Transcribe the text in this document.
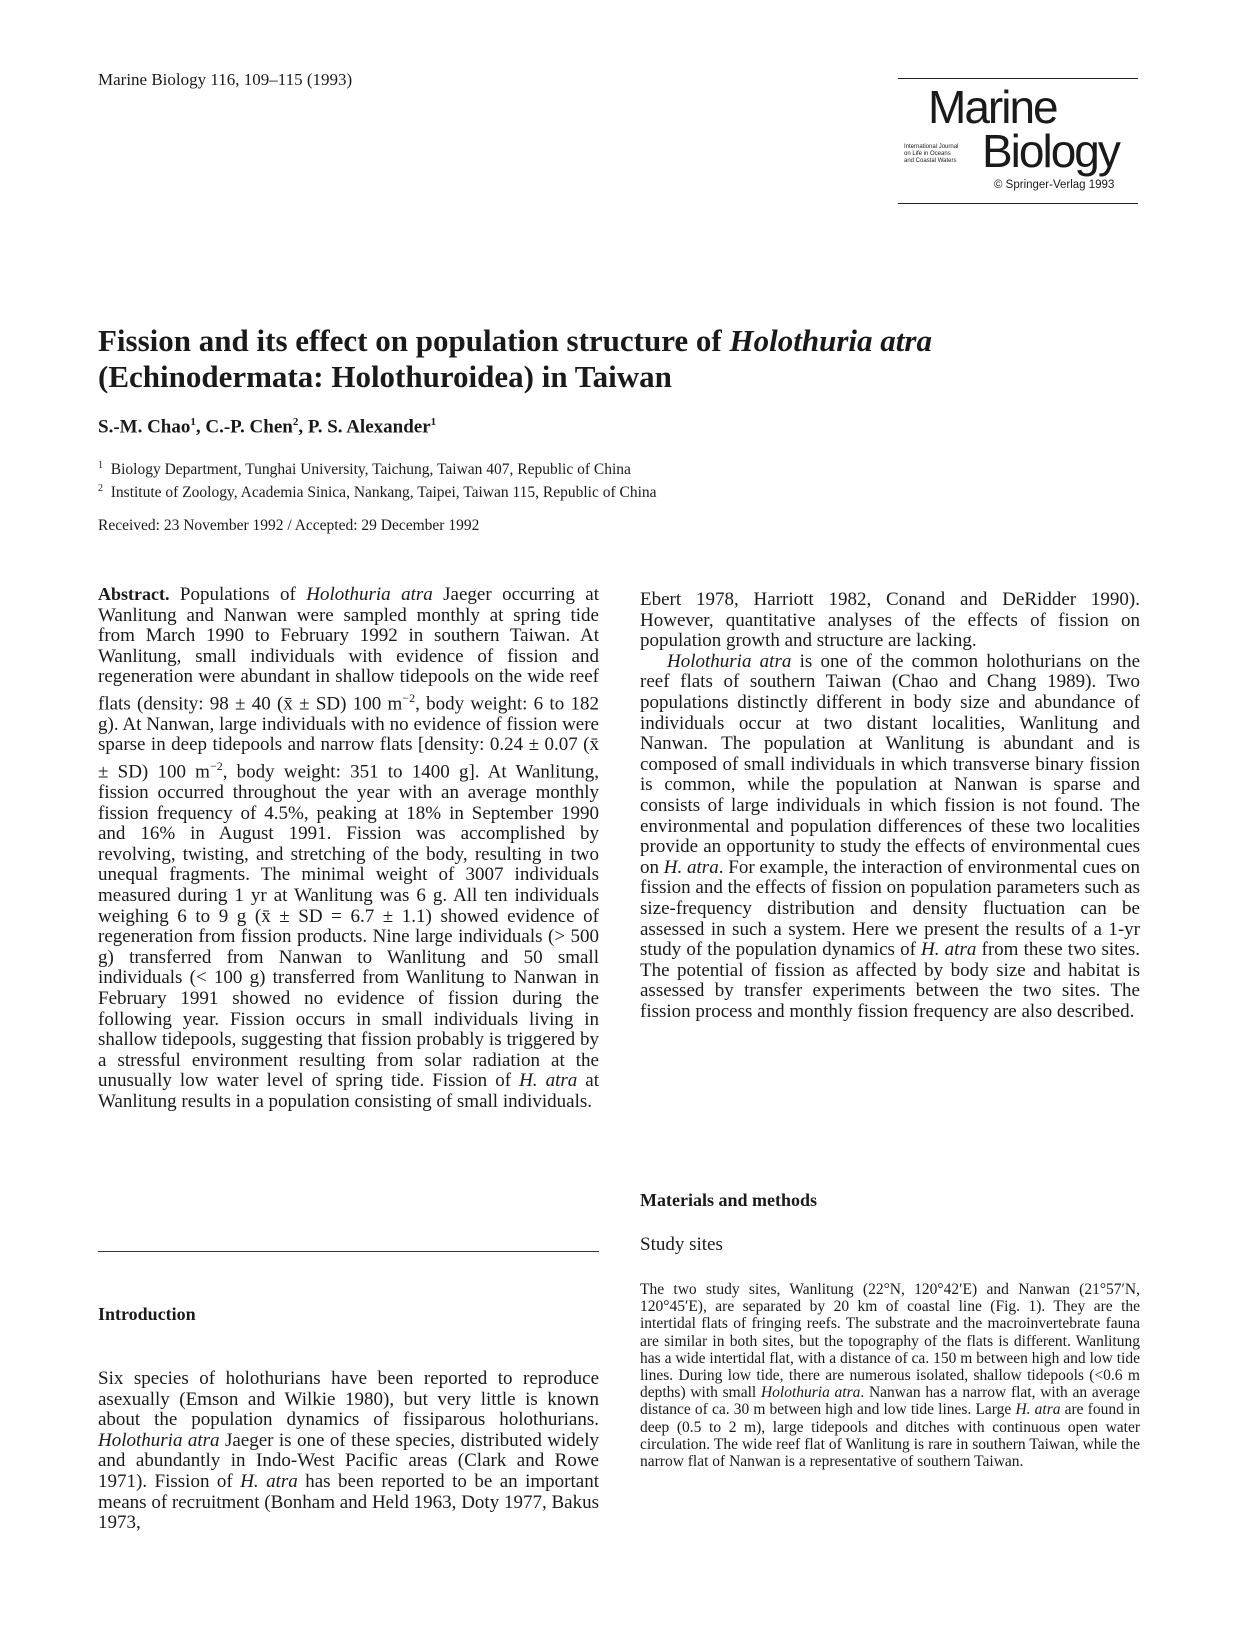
Marine Biology 116, 109–115 (1993)
Marine
International Journal
on Life in Oceans
and Coastal Waters Biology
© Springer-Verlag 1993
Fission and its effect on population structure of Holothuria atra
(Echinodermata: Holothuroidea) in Taiwan
S.-M. Chao$^1$, C.-P. Chen$^2$, P. S. Alexander$^1$
$^1$ Biology Department, Tunghai University, Taichung, Taiwan 407, Republic of China
$^2$ Institute of Zoology, Academia Sinica, Nankang, Taipei, Taiwan 115, Republic of China
Received: 23 November 1992 / Accepted: 29 December 1992

Abstract. Populations of Holothuria atra Jaeger occurring at Wanlitung and Nanwan were sampled monthly at spring tide from March 1990 to February 1992 in southern Taiwan. At Wanlitung, small individuals with evidence of fission and regeneration were abundant in shallow tidepools on the wide reef flats (density: 98 ± 40 (x̄ ± SD) 100 $m^{-2}$, body weight: 6 to 182 g). At Nanwan, large individuals with no evidence of fission were sparse in deep tidepools and narrow flats [density: 0.24 ± 0.07 (x̄ ± SD) 100 $m^{-2}$, body weight: 351 to 1400 g]. At Wanlitung, fission occurred throughout the year with an average monthly fission frequency of 4.5%, peaking at 18% in September 1990 and 16% in August 1991. Fission was accomplished by revolving, twisting, and stretching of the body, resulting in two unequal fragments. The minimal weight of 3007 individuals measured during 1 yr at Wanlitung was 6 g. All ten individuals weighing 6 to 9 g (x̄ ± SD = 6.7 ± 1.1) showed evidence of regeneration from fission products. Nine large individuals (> 500 g) transferred from Nanwan to Wanlitung and 50 small individuals (< 100 g) transferred from Wanlitung to Nanwan in February 1991 showed no evidence of fission during the following year. Fission occurs in small individuals living in shallow tidepools, suggesting that fission probably is triggered by a stressful environment resulting from solar radiation at the unusually low water level of spring tide. Fission of H. atra at Wanlitung results in a population consisting of small individuals.

Introduction

Six species of holothurians have been reported to reproduce asexually (Emson and Wilkie 1980), but very little is known about the population dynamics of fissiparous holothurians. Holothuria atra Jaeger is one of these species, distributed widely and abundantly in Indo-West Pacific areas (Clark and Rowe 1971). Fission of H. atra has been reported to be an important means of recruitment (Bonham and Held 1963, Doty 1977, Bakus 1973,

Ebert 1978, Harriott 1982, Conand and DeRidder 1990). However, quantitative analyses of the effects of fission on population growth and structure are lacking.

Holothuria atra is one of the common holothurians on the reef flats of southern Taiwan (Chao and Chang 1989). Two populations distinctly different in body size and abundance of individuals occur at two distant localities, Wanlitung and Nanwan. The population at Wanlitung is abundant and is composed of small individuals in which transverse binary fission is common, while the population at Nanwan is sparse and consists of large individuals in which fission is not found. The environmental and population differences of these two localities provide an opportunity to study the effects of environmental cues on H. atra. For example, the interaction of environmental cues on fission and the effects of fission on population parameters such as size-frequency distribution and density fluctuation can be assessed in such a system. Here we present the results of a 1-yr study of the population dynamics of H. atra from these two sites. The potential of fission as affected by body size and habitat is assessed by transfer experiments between the two sites. The fission process and monthly fission frequency are also described.

Materials and methods
Study sites
The two study sites, Wanlitung (22°N, 120°42′E) and Nanwan (21°57′N, 120°45′E), are separated by 20 km of coastal line (Fig. 1). They are the intertidal flats of fringing reefs. The substrate and the macroinvertebrate fauna are similar in both sites, but the topography of the flats is different. Wanlitung has a wide intertidal flat, with a distance of ca. 150 m between high and low tide lines. During low tide, there are numerous isolated, shallow tidepools (<0.6 m depths) with small Holothuria atra. Nanwan has a narrow flat, with an average distance of ca. 30 m between high and low tide lines. Large H. atra are found in deep (0.5 to 2 m), large tidepools and ditches with continuous open water circulation. The wide reef flat of Wanlitung is rare in southern Taiwan, while the narrow flat of Nanwan is a representative of southern Taiwan.
